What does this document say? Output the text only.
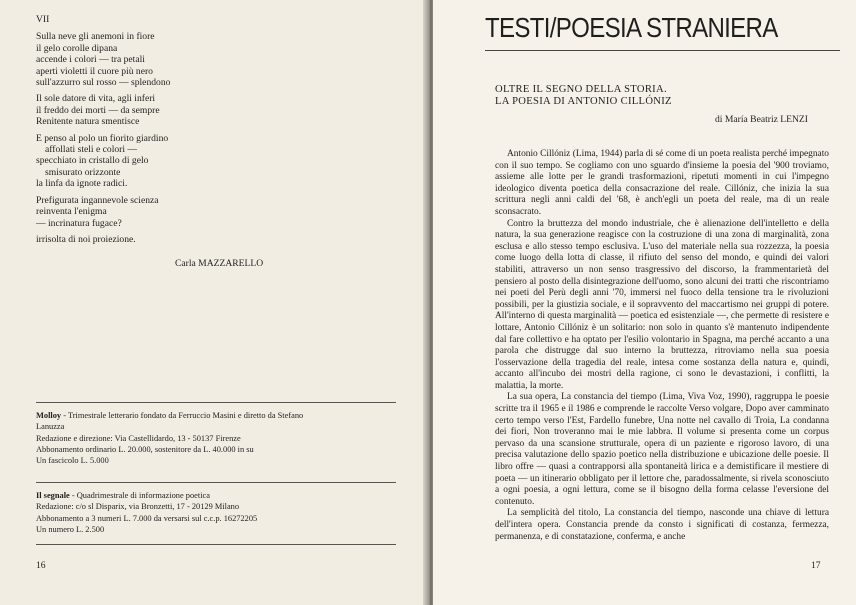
VII
Sulla neve gli anemoni in fiore
il gelo corolle dipana
accende i colori — tra petali
aperti violetti il cuore più nero
sull'azzurro sul rosso — splendono
Il sole datore di vita, agli inferi
il freddo dei morti — da sempre
Renitente natura smentisce
E penso al polo un fiorito giardino
affollati steli e colori —
specchiato in cristallo di gelo
smisurato orizzonte
la linfa da ignote radici.
Prefigurata ingannevole scienza
reinventa l'enigma
— incrinatura fugace?
irrisolta di noi proiezione.
Carla MAZZARELLO
Molloy - Trimestrale letterario fondato da Ferruccio Masini e diretto da Stefano Lanuzza
Redazione e direzione: Via Castellidardo, 13 - 50137 Firenze
Abbonamento ordinario L. 20.000, sostenitore da L. 40.000 in su
Un fascicolo L. 5.000
Il segnale - Quadrimestrale di informazione poetica
Redazione: c/o sl Disparix, via Bronzetti, 17 - 20129 Milano
Abbonamento a 3 numeri L. 7.000 da versarsi sul c.c.p. 16272205
Un numero L. 2.500
16
TESTI/POESIA STRANIERA
OLTRE IL SEGNO DELLA STORIA.
LA POESIA DI ANTONIO CILLÓNIZ
di María Beatriz LENZI

Antonio Cillóniz (Lima, 1944) parla di sé come di un poeta realista perché impegnato con il suo tempo. Se cogliamo con uno sguardo d'insieme la poesia del '900 troviamo, assieme alle lotte per le grandi trasformazioni, ripetuti momenti in cui l'impegno ideologico diventa poetica della consacrazione del reale. Cillóniz, che inizia la sua scrittura negli anni caldi del '68, è anch'egli un poeta del reale, ma di un reale sconsacrato.

Contro la bruttezza del mondo industriale, che è alienazione dell'intelletto e della natura, la sua generazione reagisce con la costruzione di una zona di marginalità, zona esclusa e allo stesso tempo esclusiva. L'uso del materiale nella sua rozzezza, la poesia come luogo della lotta di classe, il rifiuto del senso del mondo, e quindi dei valori stabiliti, attraverso un non senso trasgressivo del discorso, la frammentarietà del pensiero al posto della disintegrazione dell'uomo, sono alcuni dei tratti che riscontriamo nei poeti del Perù degli anni '70, immersi nel fuoco della tensione tra le rivoluzioni possibili, per la giustizia sociale, e il sopravvento del maccartismo nei gruppi di potere. All'interno di questa marginalità — poetica ed esistenziale —, che permette di resistere e lottare, Antonio Cillóniz è un solitario: non solo in quanto s'è mantenuto indipendente dal fare collettivo e ha optato per l'esilio volontario in Spagna, ma perché accanto a una parola che distrugge dal suo interno la bruttezza, ritroviamo nella sua poesia l'osservazione della tragedia del reale, intesa come sostanza della natura e, quindi, accanto all'incubo dei mostri della ragione, ci sono le devastazioni, i conflitti, la malattia, la morte.

La sua opera, La constancia del tiempo (Lima, Viva Voz, 1990), raggruppa le poesie scritte tra il 1965 e il 1986 e comprende le raccolte Verso volgare, Dopo aver camminato certo tempo verso l'Est, Fardello funebre, Una notte nel cavallo di Troia, La condanna dei fiori, Non troveranno mai le mie labbra. Il volume si presenta come un corpus pervaso da una scansione strutturale, opera di un paziente e rigoroso lavoro, di una precisa valutazione dello spazio poetico nella distribuzione e ubicazione delle poesie. Il libro offre — quasi a contrapporsi alla spontaneità lirica e a demistificare il mestiere di poeta — un itinerario obbligato per il lettore che, paradossalmente, si rivela sconosciuto a ogni poesia, a ogni lettura, come se il bisogno della forma celasse l'eversione del contenuto.

La semplicità del titolo, La constancia del tiempo, nasconde una chiave di lettura dell'intera opera. Constancia prende da consto i significati di costanza, fermezza, permanenza, e di constatazione, conferma, e anche

17
